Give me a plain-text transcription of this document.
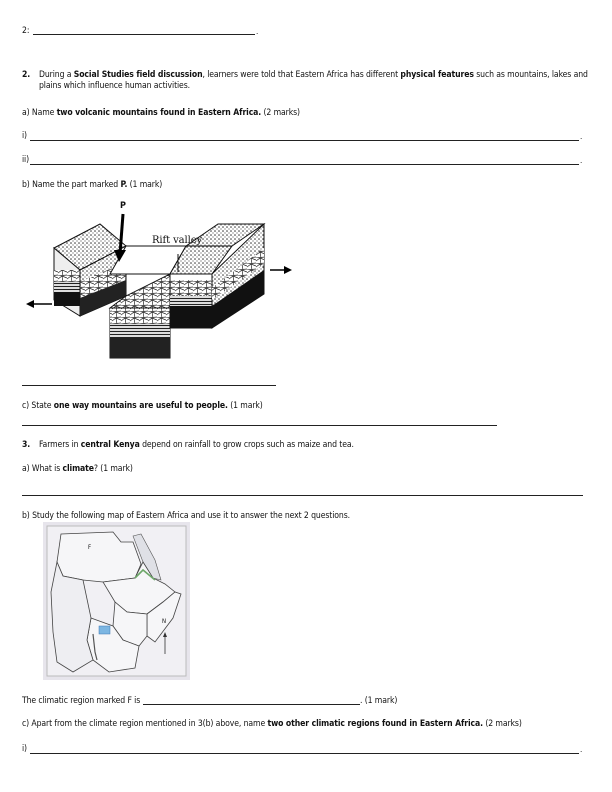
2:	.
2. During a Social Studies field discussion, learners were told that Eastern Africa has different physical features such as mountains, lakes and
plains which influence human activities.
a) Name two volcanic mountains found in Eastern Africa. (2 marks)
i)	.
ii)	.
b) Name the part marked P. (1 mark)
P
Rift valley
c) State one way mountains are useful to people. (1 mark)
3. Farmers in central Kenya depend on rainfall to grow crops such as maize and tea.
a) What is climate? (1 mark)
b) Study the following map of Eastern Africa and use it to answer the next 2 questions.
F
N
The climatic region marked F is	. (1 mark)
c) Apart from the climate region mentioned in 3(b) above, name two other climatic regions found in Eastern Africa. (2 marks)
i)	.
